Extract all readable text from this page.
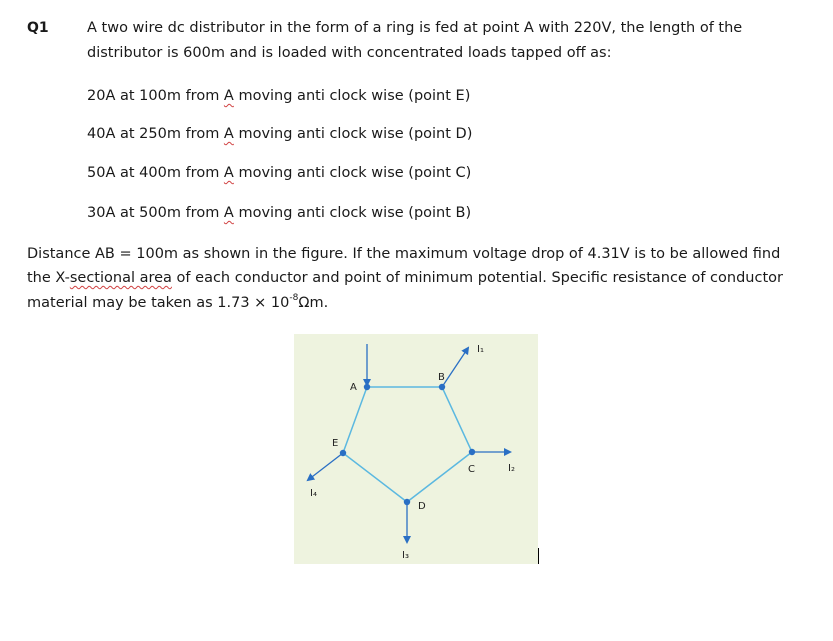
Q1	A two wire dc distributor in the form of a ring is fed at point A with 220V, the length of the
distributor is 600m and is loaded with concentrated loads tapped off as:
20A at 100m from A moving anti clock wise (point E)
40A at 250m from A moving anti clock wise (point D)
50A at 400m from A moving anti clock wise (point C)
30A at 500m from A moving anti clock wise (point B)
Distance AB = 100m as shown in the figure. If the maximum voltage drop of 4.31V is to be allowed find
the X-sectional area of each conductor and point of minimum potential. Specific resistance of conductor
material may be taken as $1.73 \times 10^{-8}\Omega m$.
A
B
C
D
E
I₁
I₂
I₃
I₄
